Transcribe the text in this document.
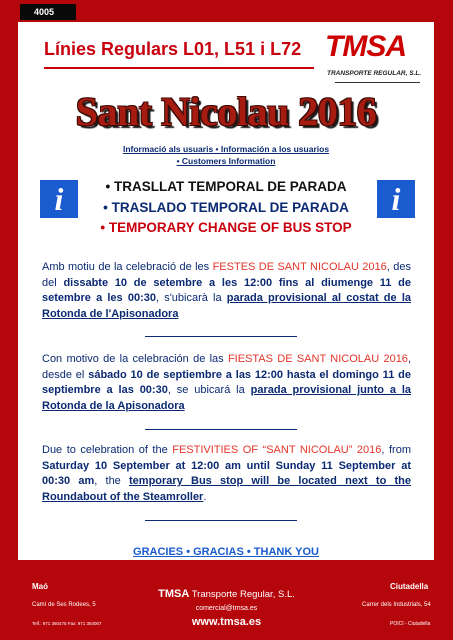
4005
Línies Regulars L01, L51 i L72 TMSA
TRANSPORTE REGULAR, S.L.
Sant Nicolau 2016
Informació als usuaris • Información a los usuarios
• Customers Information
i	i
• TRASLLAT TEMPORAL DE PARADA
• TRASLADO TEMPORAL DE PARADA
• TEMPORARY CHANGE OF BUS STOP

Amb motiu de la celebració de les FESTES DE SANT NICOLAU 2016, des del dissabte 10 de setembre a les 12:00 fins al diumenge 11 de setembre a les 00:30, s'ubicarà la parada provisional al costat de la Rotonda de l'Apisonadora

Con motivo de la celebración de las FIESTAS DE SANT NICOLAU 2016, desde el sábado 10 de septiembre a las 12:00 hasta el domingo 11 de septiembre a las 00:30, se ubicará la parada provisional junto a la Rotonda de la Apisonadora

Due to celebration of the FESTIVITIES OF “SANT NICOLAU” 2016, from Saturday 10 September at 12:00 am until Sunday 11 September at 00:30 am, the temporary Bus stop will be located next to the Roundabout of the Steamroller.

GRACIES • GRACIAS • THANK YOU
Maó
Camí de Ses Rodees, 5
Telf.: 971 360475 Fax: 971 354007
TMSA Transporte Regular, S.L.
comercial@tmsa.es
www.tmsa.es
Ciutadella
Carrer dels Industrials, 54
POICI - Ciutadella
